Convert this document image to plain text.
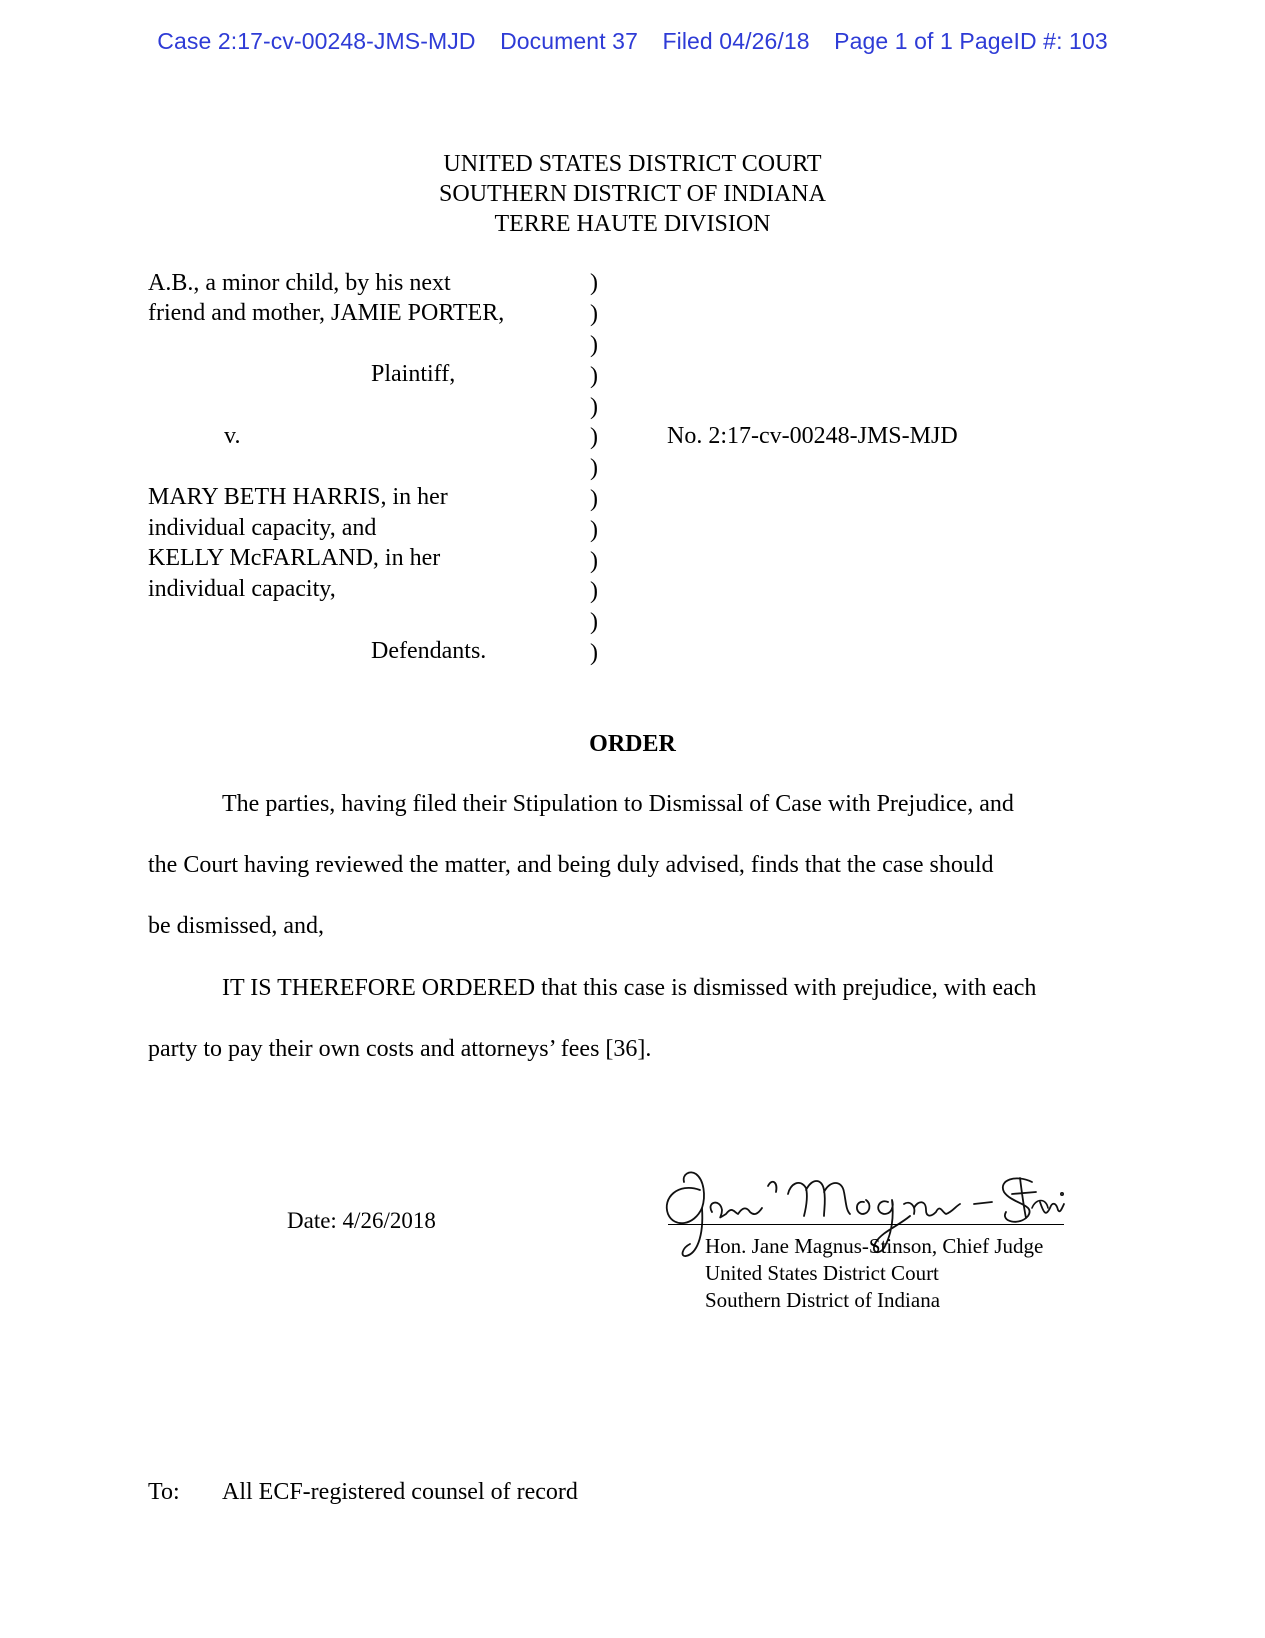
Case 2:17-cv-00248-JMS-MJD Document 37 Filed 04/26/18 Page 1 of 1 PageID #: 103
UNITED STATES DISTRICT COURT
SOUTHERN DISTRICT OF INDIANA
TERRE HAUTE DIVISION
A.B., a minor child, by his next
friend and mother, JAMIE PORTER,
Plaintiff,
v.
MARY BETH HARRIS, in her
individual capacity, and
KELLY McFARLAND, in her
individual capacity,
Defendants.
)
)
)
)
)
)
)
)
)
)
)
)
)
No. 2:17-cv-00248-JMS-MJD
ORDER
The parties, having filed their Stipulation to Dismissal of Case with Prejudice, and
the Court having reviewed the matter, and being duly advised, finds that the case should
be dismissed, and,
IT IS THEREFORE ORDERED that this case is dismissed with prejudice, with each
party to pay their own costs and attorneys’ fees [36].
Date: 4/26/2018
Hon. Jane Magnus-Stinson, Chief Judge
United States District Court
Southern District of Indiana
To: All ECF-registered counsel of record
